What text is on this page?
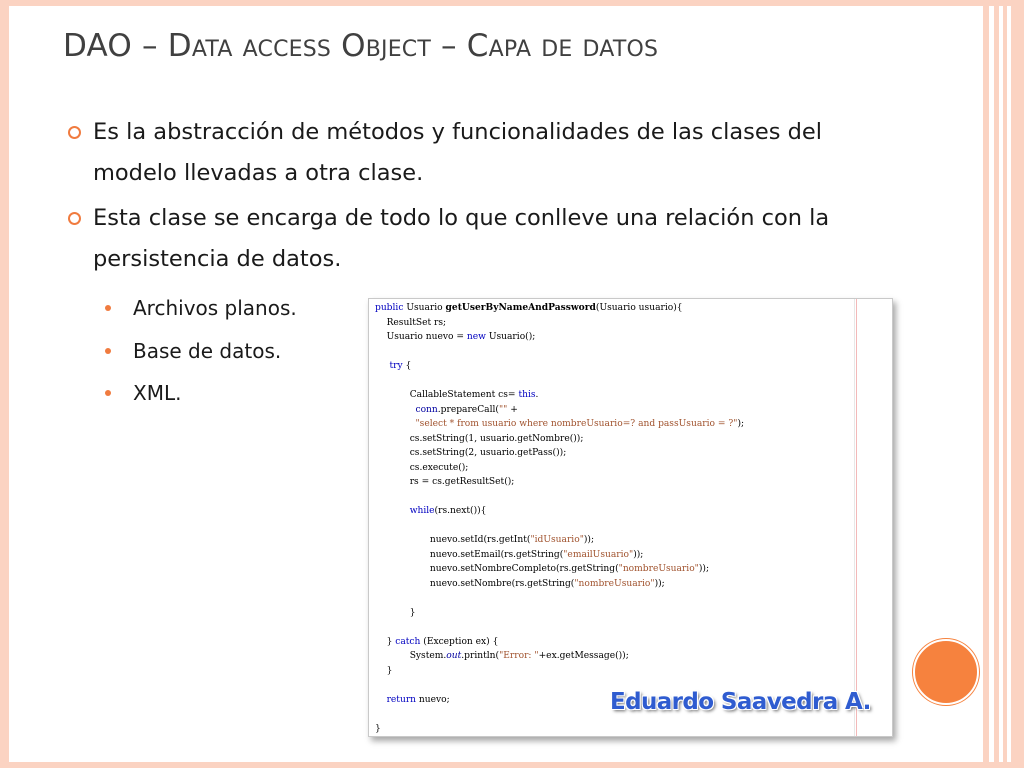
DAO – Data access Object – Capa de datos
Es la abstracción de métodos y funcionalidades de las clases del modelo llevadas a otra clase.
Esta clase se encarga de todo lo que conlleve una relación con la persistencia de datos.
Archivos planos.
Base de datos.
XML.
public Usuario getUserByNameAndPassword(Usuario usuario){
ResultSet rs;
Usuario nuevo = new Usuario();
try {
CallableStatement cs= this.
conn.prepareCall("" +
"select * from usuario where nombreUsuario=? and passUsuario = ?");
cs.setString(1, usuario.getNombre());
cs.setString(2, usuario.getPass());
cs.execute();
rs = cs.getResultSet();
while(rs.next()){
nuevo.setId(rs.getInt("idUsuario"));
nuevo.setEmail(rs.getString("emailUsuario"));
nuevo.setNombreCompleto(rs.getString("nombreUsuario"));
nuevo.setNombre(rs.getString("nombreUsuario"));
}
} catch (Exception ex) {
System.out.println("Error: "+ex.getMessage());
}
return nuevo;
}
Eduardo Saavedra A.
